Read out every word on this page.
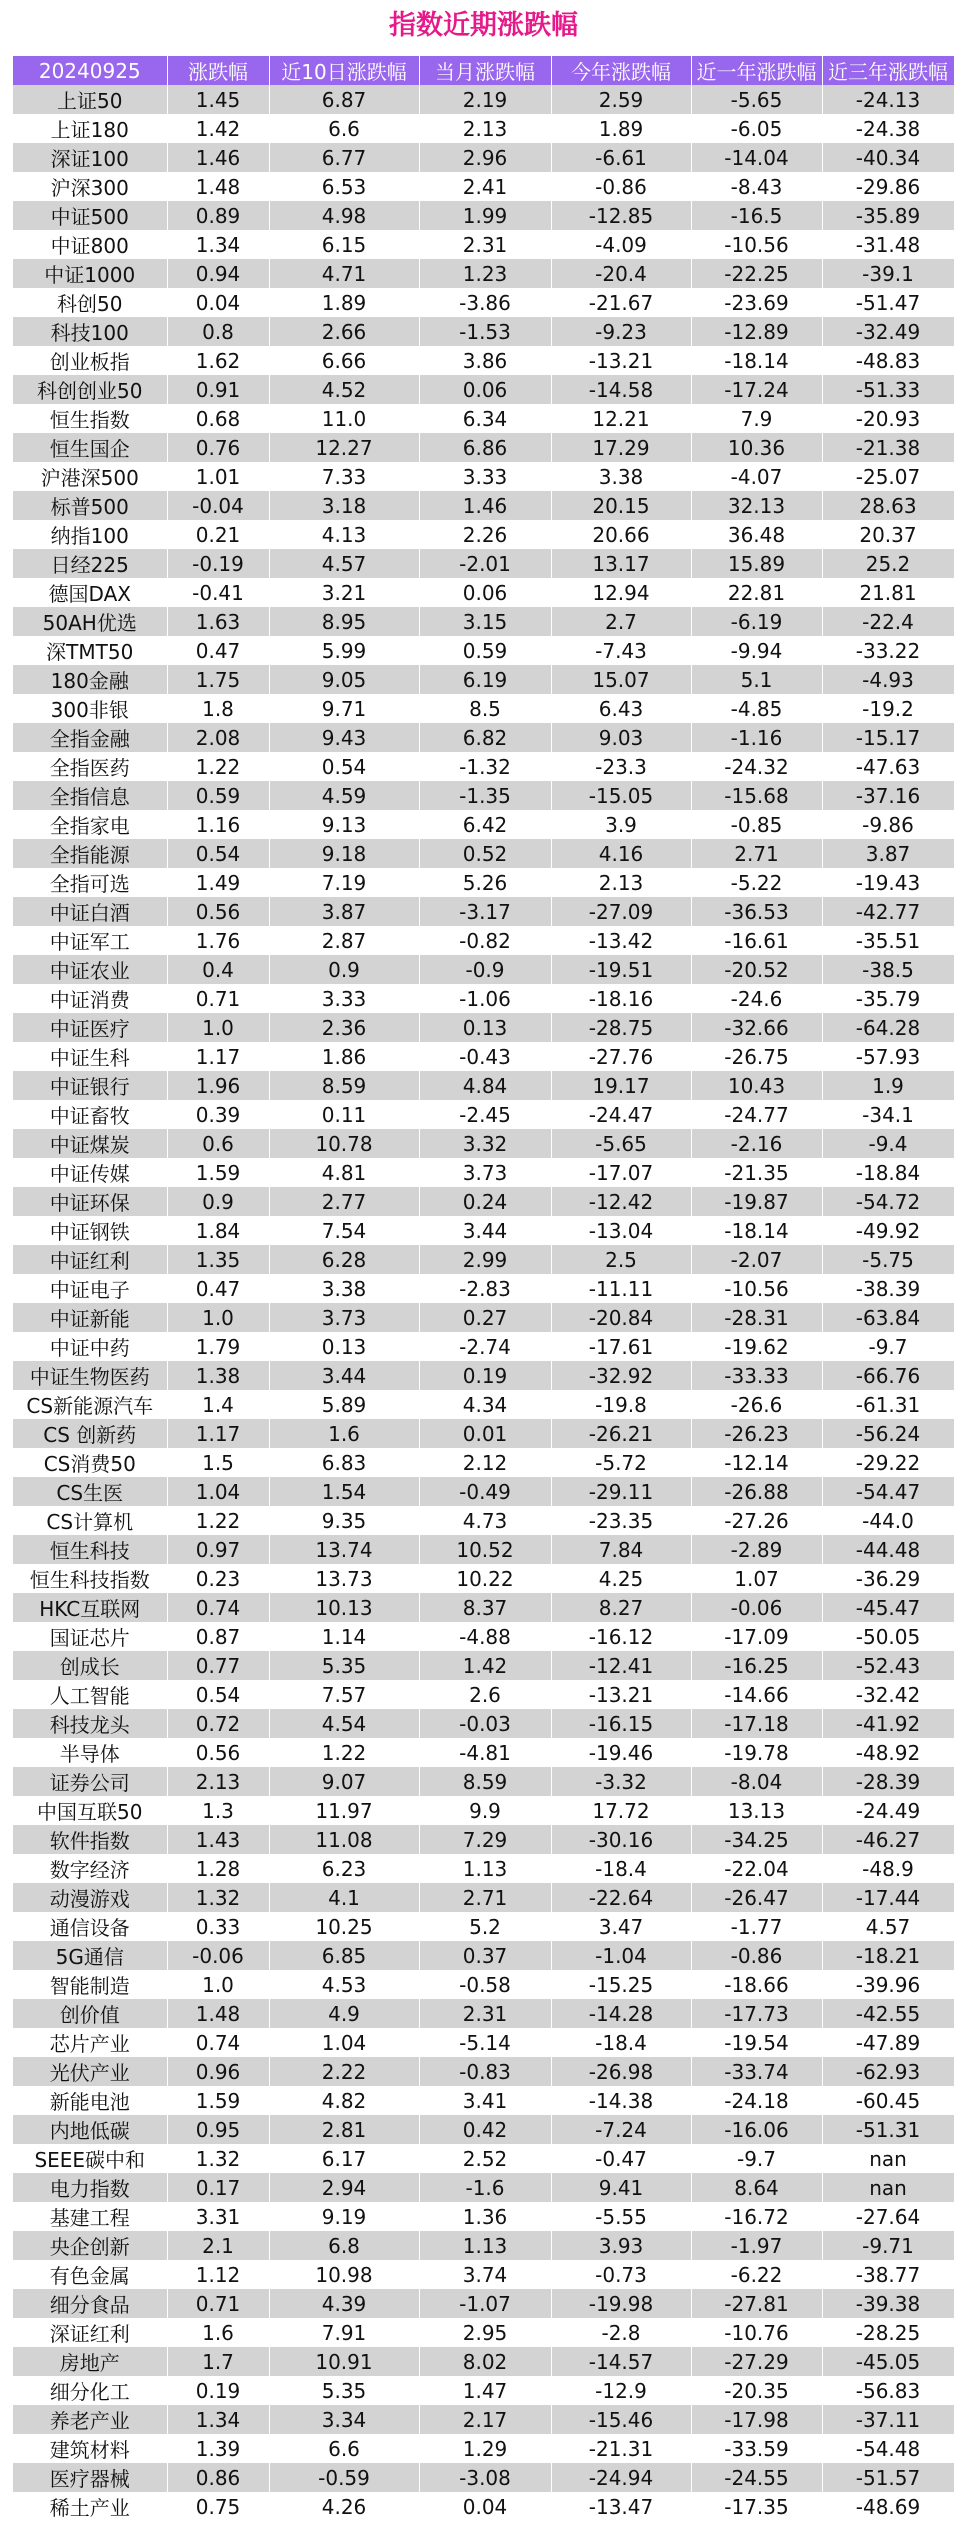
指数近期涨跌幅
20240925	涨跌幅	近10日涨跌幅	当月涨跌幅	今年涨跌幅	近一年涨跌幅	近三年涨跌幅
上证50	1.45	6.87	2.19	2.59	-5.65	-24.13
上证180	1.42	6.6	2.13	1.89	-6.05	-24.38
深证100	1.46	6.77	2.96	-6.61	-14.04	-40.34
沪深300	1.48	6.53	2.41	-0.86	-8.43	-29.86
中证500	0.89	4.98	1.99	-12.85	-16.5	-35.89
中证800	1.34	6.15	2.31	-4.09	-10.56	-31.48
中证1000	0.94	4.71	1.23	-20.4	-22.25	-39.1
科创50	0.04	1.89	-3.86	-21.67	-23.69	-51.47
科技100	0.8	2.66	-1.53	-9.23	-12.89	-32.49
创业板指	1.62	6.66	3.86	-13.21	-18.14	-48.83
科创创业50	0.91	4.52	0.06	-14.58	-17.24	-51.33
恒生指数	0.68	11.0	6.34	12.21	7.9	-20.93
恒生国企	0.76	12.27	6.86	17.29	10.36	-21.38
沪港深500	1.01	7.33	3.33	3.38	-4.07	-25.07
标普500	-0.04	3.18	1.46	20.15	32.13	28.63
纳指100	0.21	4.13	2.26	20.66	36.48	20.37
日经225	-0.19	4.57	-2.01	13.17	15.89	25.2
德国DAX	-0.41	3.21	0.06	12.94	22.81	21.81
50AH优选	1.63	8.95	3.15	2.7	-6.19	-22.4
深TMT50	0.47	5.99	0.59	-7.43	-9.94	-33.22
180金融	1.75	9.05	6.19	15.07	5.1	-4.93
300非银	1.8	9.71	8.5	6.43	-4.85	-19.2
全指金融	2.08	9.43	6.82	9.03	-1.16	-15.17
全指医药	1.22	0.54	-1.32	-23.3	-24.32	-47.63
全指信息	0.59	4.59	-1.35	-15.05	-15.68	-37.16
全指家电	1.16	9.13	6.42	3.9	-0.85	-9.86
全指能源	0.54	9.18	0.52	4.16	2.71	3.87
全指可选	1.49	7.19	5.26	2.13	-5.22	-19.43
中证白酒	0.56	3.87	-3.17	-27.09	-36.53	-42.77
中证军工	1.76	2.87	-0.82	-13.42	-16.61	-35.51
中证农业	0.4	0.9	-0.9	-19.51	-20.52	-38.5
中证消费	0.71	3.33	-1.06	-18.16	-24.6	-35.79
中证医疗	1.0	2.36	0.13	-28.75	-32.66	-64.28
中证生科	1.17	1.86	-0.43	-27.76	-26.75	-57.93
中证银行	1.96	8.59	4.84	19.17	10.43	1.9
中证畜牧	0.39	0.11	-2.45	-24.47	-24.77	-34.1
中证煤炭	0.6	10.78	3.32	-5.65	-2.16	-9.4
中证传媒	1.59	4.81	3.73	-17.07	-21.35	-18.84
中证环保	0.9	2.77	0.24	-12.42	-19.87	-54.72
中证钢铁	1.84	7.54	3.44	-13.04	-18.14	-49.92
中证红利	1.35	6.28	2.99	2.5	-2.07	-5.75
中证电子	0.47	3.38	-2.83	-11.11	-10.56	-38.39
中证新能	1.0	3.73	0.27	-20.84	-28.31	-63.84
中证中药	1.79	0.13	-2.74	-17.61	-19.62	-9.7
中证生物医药	1.38	3.44	0.19	-32.92	-33.33	-66.76
CS新能源汽车	1.4	5.89	4.34	-19.8	-26.6	-61.31
CS 创新药	1.17	1.6	0.01	-26.21	-26.23	-56.24
CS消费50	1.5	6.83	2.12	-5.72	-12.14	-29.22
CS生医	1.04	1.54	-0.49	-29.11	-26.88	-54.47
CS计算机	1.22	9.35	4.73	-23.35	-27.26	-44.0
恒生科技	0.97	13.74	10.52	7.84	-2.89	-44.48
恒生科技指数	0.23	13.73	10.22	4.25	1.07	-36.29
HKC互联网	0.74	10.13	8.37	8.27	-0.06	-45.47
国证芯片	0.87	1.14	-4.88	-16.12	-17.09	-50.05
创成长	0.77	5.35	1.42	-12.41	-16.25	-52.43
人工智能	0.54	7.57	2.6	-13.21	-14.66	-32.42
科技龙头	0.72	4.54	-0.03	-16.15	-17.18	-41.92
半导体	0.56	1.22	-4.81	-19.46	-19.78	-48.92
证券公司	2.13	9.07	8.59	-3.32	-8.04	-28.39
中国互联50	1.3	11.97	9.9	17.72	13.13	-24.49
软件指数	1.43	11.08	7.29	-30.16	-34.25	-46.27
数字经济	1.28	6.23	1.13	-18.4	-22.04	-48.9
动漫游戏	1.32	4.1	2.71	-22.64	-26.47	-17.44
通信设备	0.33	10.25	5.2	3.47	-1.77	4.57
5G通信	-0.06	6.85	0.37	-1.04	-0.86	-18.21
智能制造	1.0	4.53	-0.58	-15.25	-18.66	-39.96
创价值	1.48	4.9	2.31	-14.28	-17.73	-42.55
芯片产业	0.74	1.04	-5.14	-18.4	-19.54	-47.89
光伏产业	0.96	2.22	-0.83	-26.98	-33.74	-62.93
新能电池	1.59	4.82	3.41	-14.38	-24.18	-60.45
内地低碳	0.95	2.81	0.42	-7.24	-16.06	-51.31
SEEE碳中和	1.32	6.17	2.52	-0.47	-9.7	nan
电力指数	0.17	2.94	-1.6	9.41	8.64	nan
基建工程	3.31	9.19	1.36	-5.55	-16.72	-27.64
央企创新	2.1	6.8	1.13	3.93	-1.97	-9.71
有色金属	1.12	10.98	3.74	-0.73	-6.22	-38.77
细分食品	0.71	4.39	-1.07	-19.98	-27.81	-39.38
深证红利	1.6	7.91	2.95	-2.8	-10.76	-28.25
房地产	1.7	10.91	8.02	-14.57	-27.29	-45.05
细分化工	0.19	5.35	1.47	-12.9	-20.35	-56.83
养老产业	1.34	3.34	2.17	-15.46	-17.98	-37.11
建筑材料	1.39	6.6	1.29	-21.31	-33.59	-54.48
医疗器械	0.86	-0.59	-3.08	-24.94	-24.55	-51.57
稀土产业	0.75	4.26	0.04	-13.47	-17.35	-48.69
